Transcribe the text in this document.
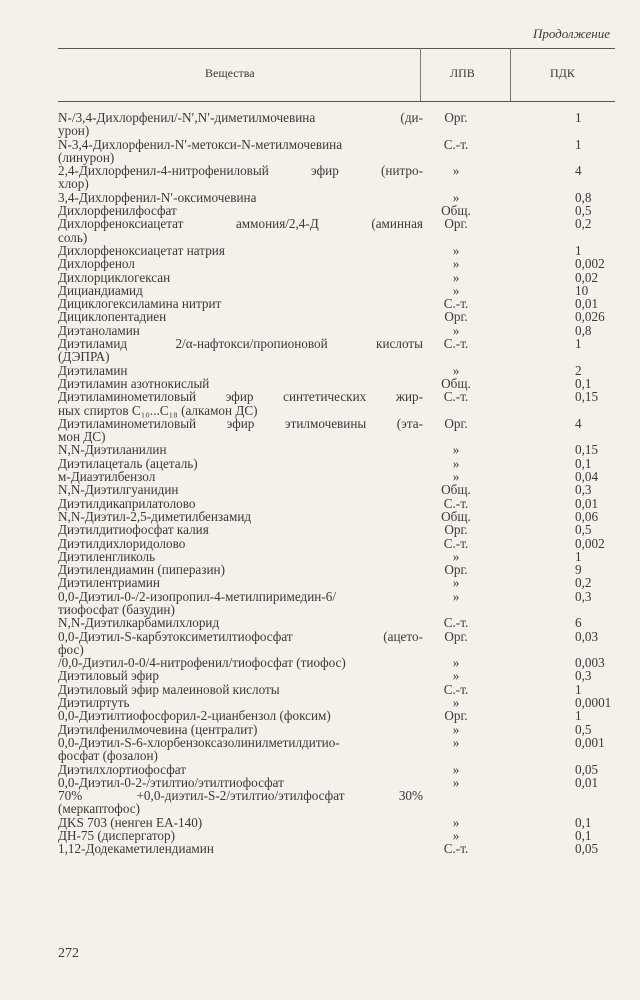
Продолжение
Вещества	ЛПВ	ПДК
N-/3,4-Дихлорфенил/-N′,N′-диметилмочевина (ди-
урон)
Орг.	1
N-3,4-Дихлорфенил-N′-метокси-N-метилмочевина
(линурон)
С.-т.	1
2,4-Дихлорфенил-4-нитрофениловый эфир (нитро-
хлор)
»	4
3,4-Дихлорфенил-N′-оксимочевина	»	0,8
Дихлорфенилфосфат	Общ.	0,5
Дихлорфеноксиацетат аммония/2,4-Д (аминная
соль)
Орг.	0,2
Дихлорфеноксиацетат натрия	»	1
Дихлорфенол	»	0,002
Дихлорциклогексан	»	0,02
Дициандиамид	»	10
Дициклогексиламина нитрит	С.-т.	0,01
Дициклопентадиен	Орг.	0,026
Диэтаноламин	»	0,8
Диэтиламид 2/α-нафтокси/пропионовой кислоты
(ДЭПРА)
С.-т.	1
Диэтиламин	»	2
Диэтиламин азотнокислый	Общ.	0,1
Диэтиламинометиловый эфир синтетических жир-
ных спиртов C₁₀...C₁₈ (алкамон ДС)
С.-т.	0,15
Диэтиламинометиловый эфир этилмочевины (эта-
мон ДС)
Орг.	4
N,N-Диэтиланилин	»	0,15
Диэтилацеталь (ацеталь)	»	0,1
м-Диаэтилбензол	»	0,04
N,N-Диэтилгуанидин	Общ.	0,3
Диэтилдикаприлатолово	С.-т.	0,01
N,N-Диэтил-2,5-диметилбензамид	Общ.	0,06
Диэтилдитиофосфат калия	Орг.	0,5
Диэтилдихлоридолово	С.-т.	0,002
Диэтиленгликоль	»	1
Диэтилендиамин (пиперазин)	Орг.	9
Диэтилентриамин	»	0,2
0,0-Диэтил-0-/2-изопропил-4-метилпиримедин-6/
тиофосфат (базудин)
»	0,3
N,N-Диэтилкарбамилхлорид	С.-т.	6
0,0-Диэтил-S-карбэтоксиметилтиофосфат (ацето-
фос)
Орг.	0,03
/0,0-Диэтил-0-0/4-нитрофенил/тиофосфат (тиофос)	»	0,003
Диэтиловый эфир	»	0,3
Диэтиловый эфир малеиновой кислоты	С.-т.	1
Диэтилртуть	»	0,0001
0,0-Диэтилтиофосфорил-2-цианбензол (фоксим)	Орг.	1
Диэтилфенилмочевина (централит)	»	0,5
0,0-Диэтил-S-6-хлорбензоксазолинилметилдитио-
фосфат (фозалон)
»	0,001
Диэтилхлортиофосфат	»	0,05
0,0-Диэтил-0-2-/этилтио/этилтиофосфат
70% +0,0-диэтил-S-2/этилтио/этилфосфат 30%
(меркаптофос)
»	0,01
ДKS 703 (ненген EA-140)	»	0,1
ДН-75 (диспергатор)	»	0,1
1,12-Додекаметилендиамин	С.-т.	0,05
272
